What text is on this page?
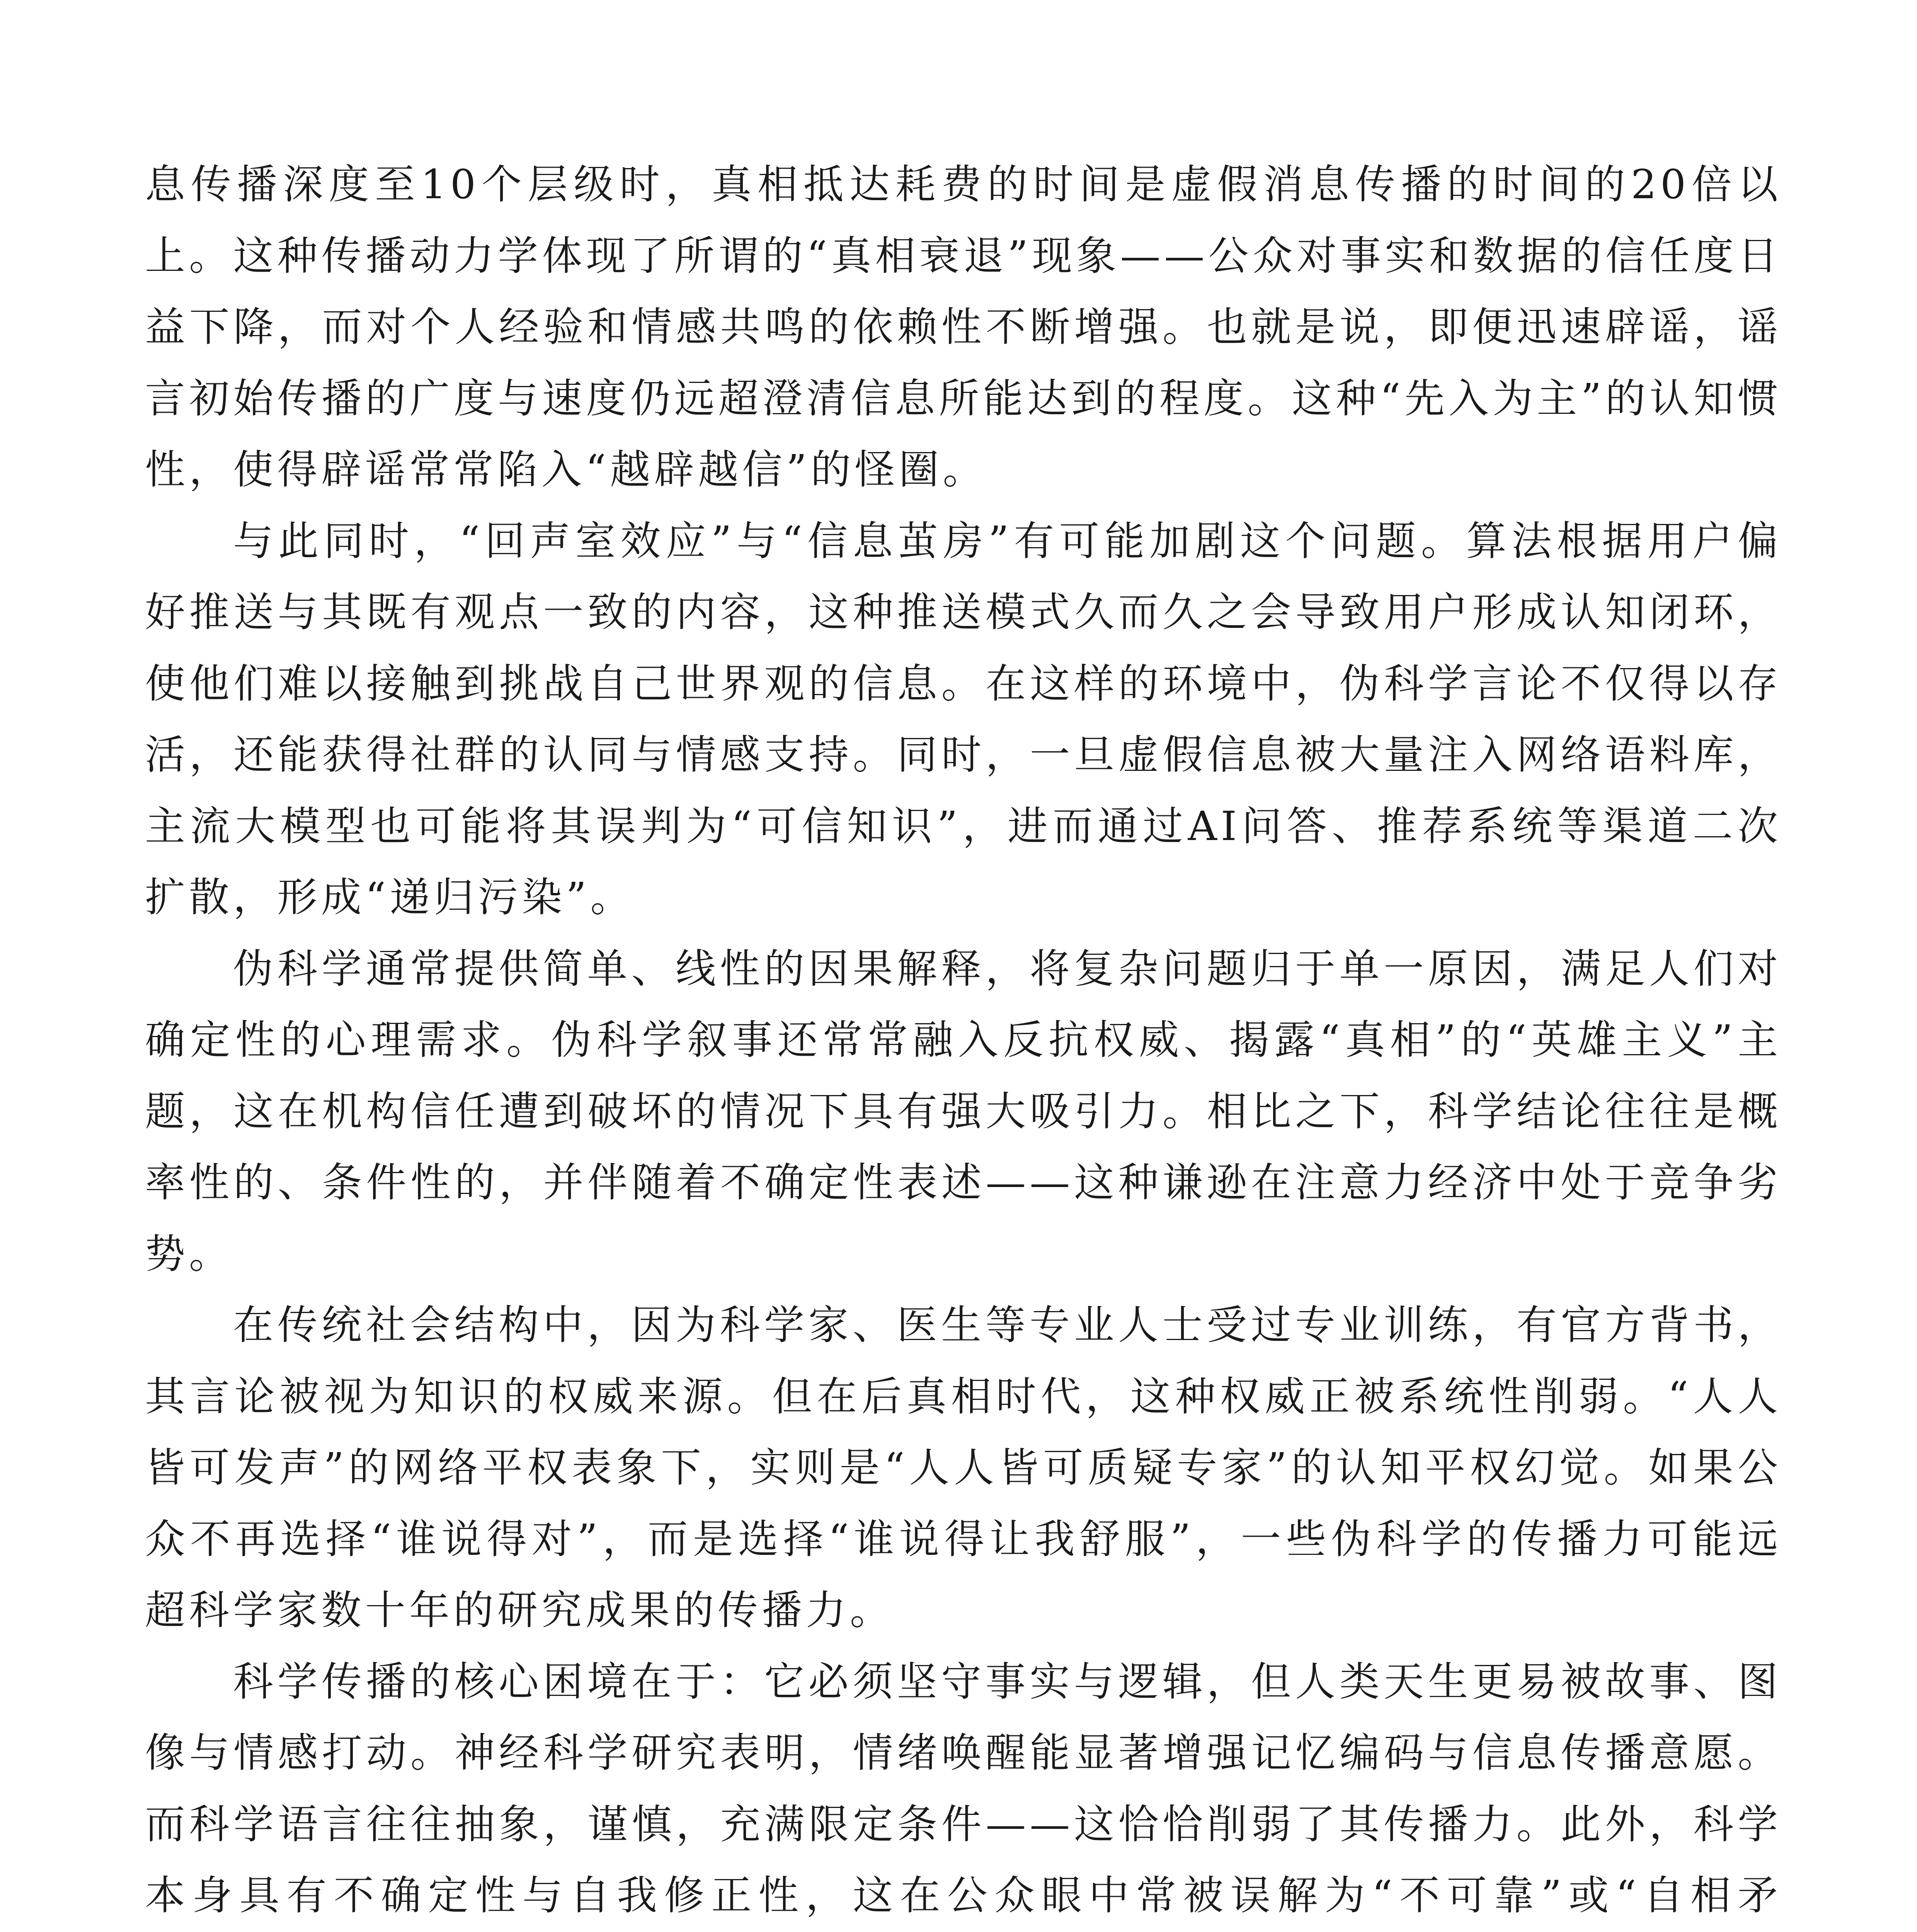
息传播深度至10个层级时，真相抵达耗费的时间是虚假消息传播的时间的20倍以上。这种传播动力学体现了所谓的“真相衰退”现象——公众对事实和数据的信任度日益下降，而对个人经验和情感共鸣的依赖性不断增强。也就是说，即便迅速辟谣，谣言初始传播的广度与速度仍远超澄清信息所能达到的程度。这种“先入为主”的认知惯性，使得辟谣常常陷入“越辟越信”的怪圈。

与此同时，“回声室效应”与“信息茧房”有可能加剧这个问题。算法根据用户偏好推送与其既有观点一致的内容，这种推送模式久而久之会导致用户形成认知闭环，使他们难以接触到挑战自己世界观的信息。在这样的环境中，伪科学言论不仅得以存活，还能获得社群的认同与情感支持。同时，一旦虚假信息被大量注入网络语料库，主流大模型也可能将其误判为“可信知识”，进而通过AI问答、推荐系统等渠道二次扩散，形成“递归污染”。

伪科学通常提供简单、线性的因果解释，将复杂问题归于单一原因，满足人们对确定性的心理需求。伪科学叙事还常常融入反抗权威、揭露“真相”的“英雄主义”主题，这在机构信任遭到破坏的情况下具有强大吸引力。相比之下，科学结论往往是概率性的、条件性的，并伴随着不确定性表述——这种谦逊在注意力经济中处于竞争劣势。

在传统社会结构中，因为科学家、医生等专业人士受过专业训练，有官方背书，其言论被视为知识的权威来源。但在后真相时代，这种权威正被系统性削弱。“人人皆可发声”的网络平权表象下，实则是“人人皆可质疑专家”的认知平权幻觉。如果公众不再选择“谁说得对”，而是选择“谁说得让我舒服”，一些伪科学的传播力可能远超科学家数十年的研究成果的传播力。

科学传播的核心困境在于：它必须坚守事实与逻辑，但人类天生更易被故事、图像与情感打动。神经科学研究表明，情绪唤醒能显著增强记忆编码与信息传播意愿。而科学语言往往抽象，谨慎，充满限定条件——这恰恰削弱了其传播力。此外，科学本身具有不确定性与自我修正性，这在公众眼中常被误解为“不可靠”或“自相矛
